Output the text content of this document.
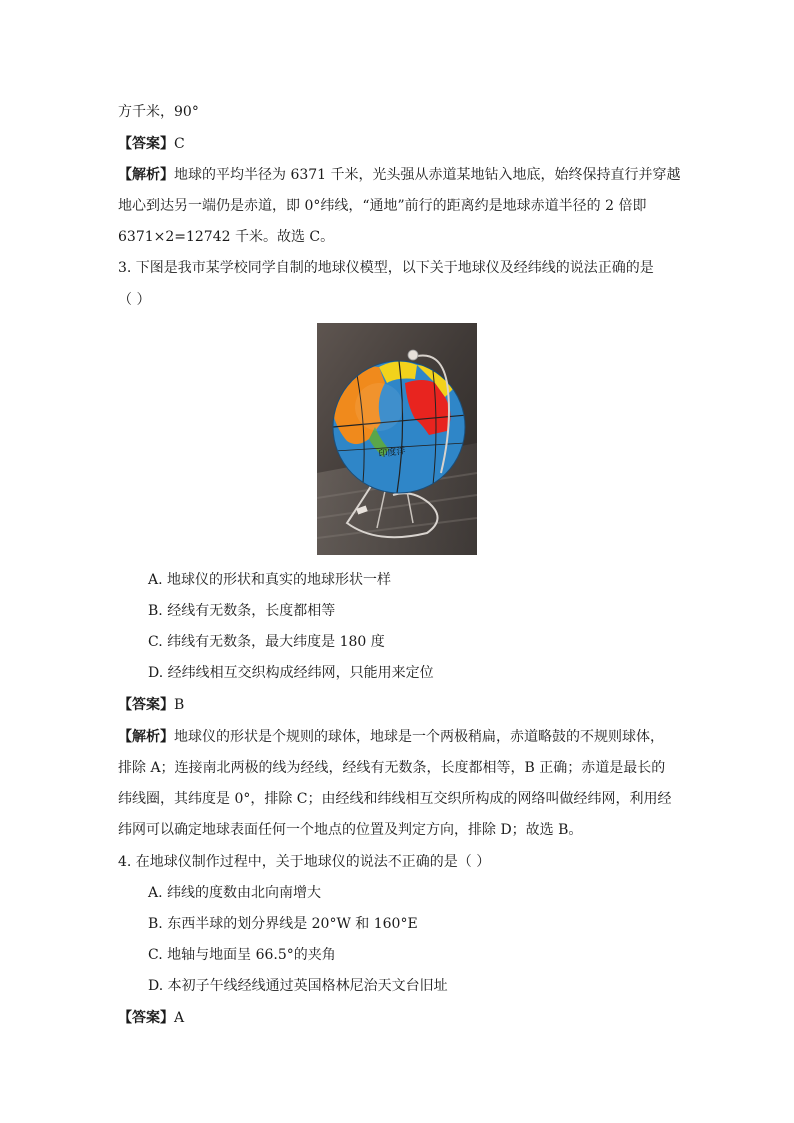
方千米，90°
【答案】C
【解析】地球的平均半径为 6371 千米，光头强从赤道某地钻入地底，始终保持直行并穿越
地心到达另一端仍是赤道，即 0°纬线，“通地”前行的距离约是地球赤道半径的 2 倍即
6371×2=12742 千米。故选 C。
3. 下图是我市某学校同学自制的地球仪模型，以下关于地球仪及经纬线的说法正确的是
（ ）
印度洋
A. 地球仪的形状和真实的地球形状一样
B. 经线有无数条，长度都相等
C. 纬线有无数条，最大纬度是 180 度
D. 经纬线相互交织构成经纬网，只能用来定位
【答案】B
【解析】地球仪的形状是个规则的球体，地球是一个两极稍扁，赤道略鼓的不规则球体，
排除 A；连接南北两极的线为经线，经线有无数条，长度都相等，B 正确；赤道是最长的
纬线圈，其纬度是 0°，排除 C；由经线和纬线相互交织所构成的网络叫做经纬网，利用经
纬网可以确定地球表面任何一个地点的位置及判定方向，排除 D；故选 B。
4. 在地球仪制作过程中，关于地球仪的说法不正确的是（ ）
A. 纬线的度数由北向南增大
B. 东西半球的划分界线是 20°W 和 160°E
C. 地轴与地面呈 66.5°的夹角
D. 本初子午线经线通过英国格林尼治天文台旧址
【答案】A
